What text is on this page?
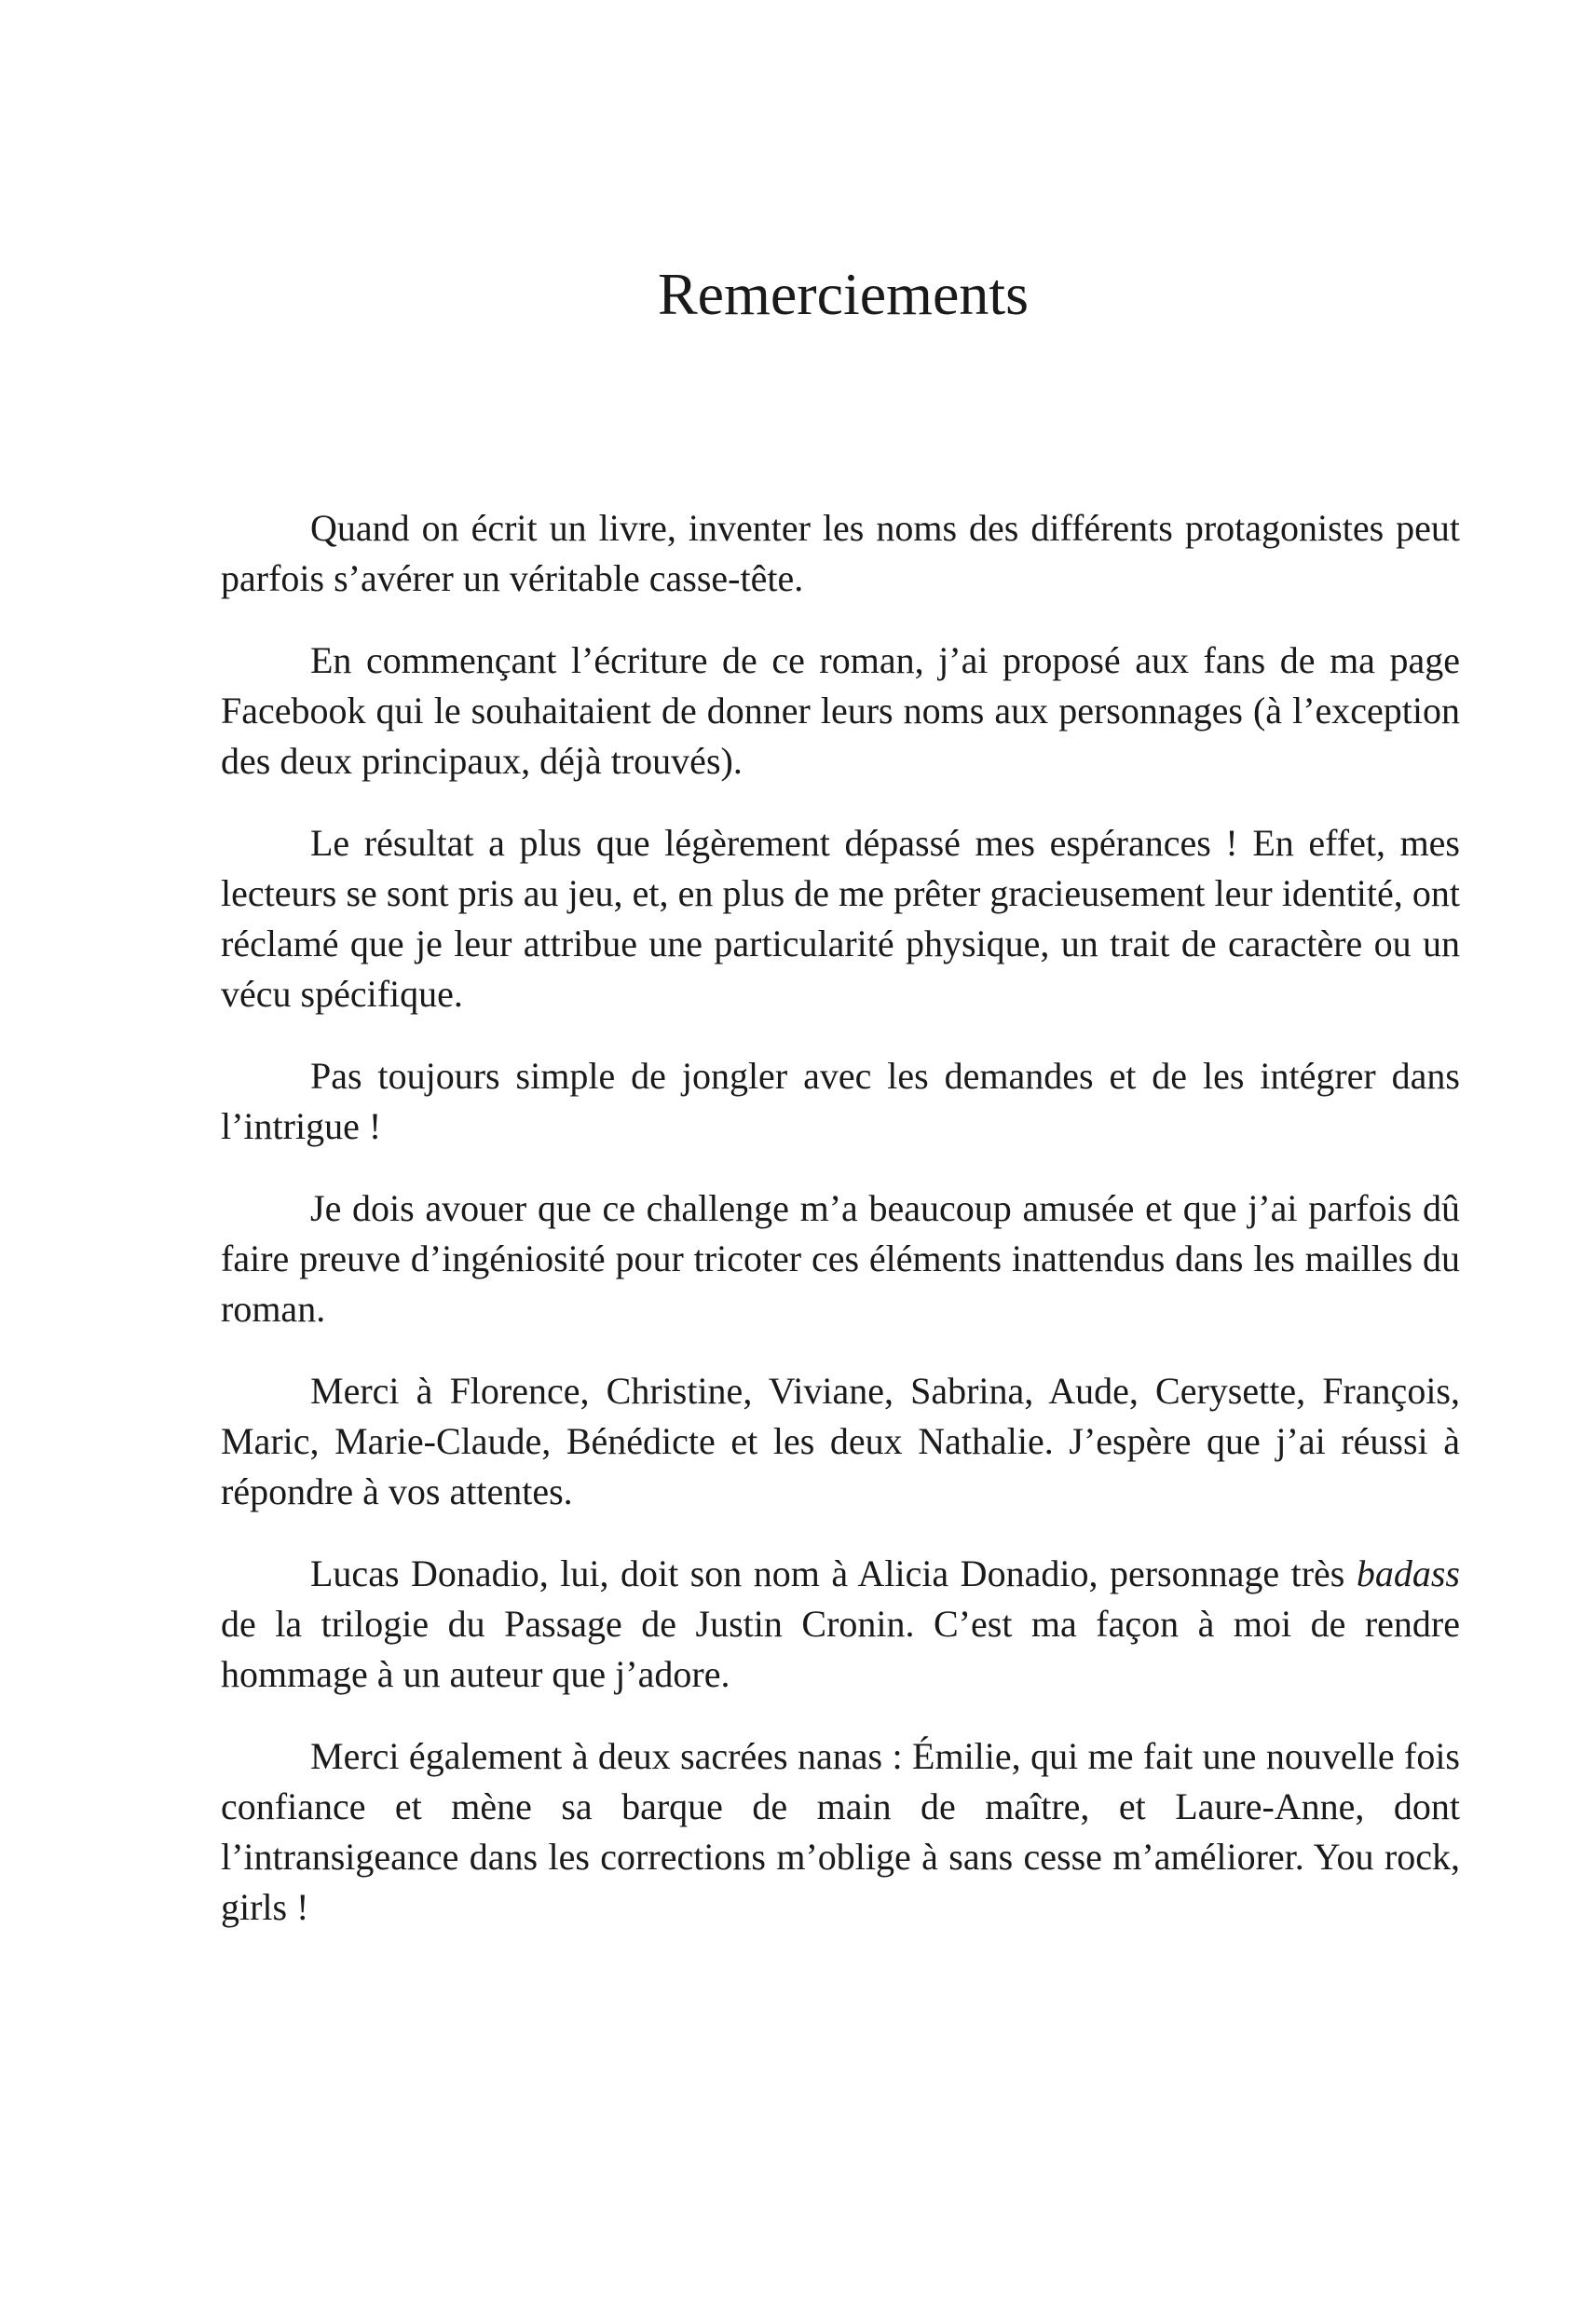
Remerciements

Quand on écrit un livre, inventer les noms des différents protagonistes peut parfois s’avérer un véritable casse-tête.

En commençant l’écriture de ce roman, j’ai proposé aux fans de ma page Facebook qui le souhaitaient de donner leurs noms aux personnages (à l’exception des deux principaux, déjà trouvés).

Le résultat a plus que légèrement dépassé mes espérances ! En effet, mes lecteurs se sont pris au jeu, et, en plus de me prêter gracieusement leur identité, ont réclamé que je leur attribue une particularité physique, un trait de caractère ou un vécu spécifique.

Pas toujours simple de jongler avec les demandes et de les intégrer dans l’intrigue !

Je dois avouer que ce challenge m’a beaucoup amusée et que j’ai parfois dû faire preuve d’ingéniosité pour tricoter ces éléments inattendus dans les mailles du roman.

Merci à Florence, Christine, Viviane, Sabrina, Aude, Cerysette, François, Maric, Marie-Claude, Bénédicte et les deux Nathalie. J’espère que j’ai réussi à répondre à vos attentes.

Lucas Donadio, lui, doit son nom à Alicia Donadio, personnage très badass de la trilogie du Passage de Justin Cronin. C’est ma façon à moi de rendre hommage à un auteur que j’adore.

Merci également à deux sacrées nanas : Émilie, qui me fait une nouvelle fois confiance et mène sa barque de main de maître, et Laure-Anne, dont l’intransigeance dans les corrections m’oblige à sans cesse m’améliorer. You rock, girls !
